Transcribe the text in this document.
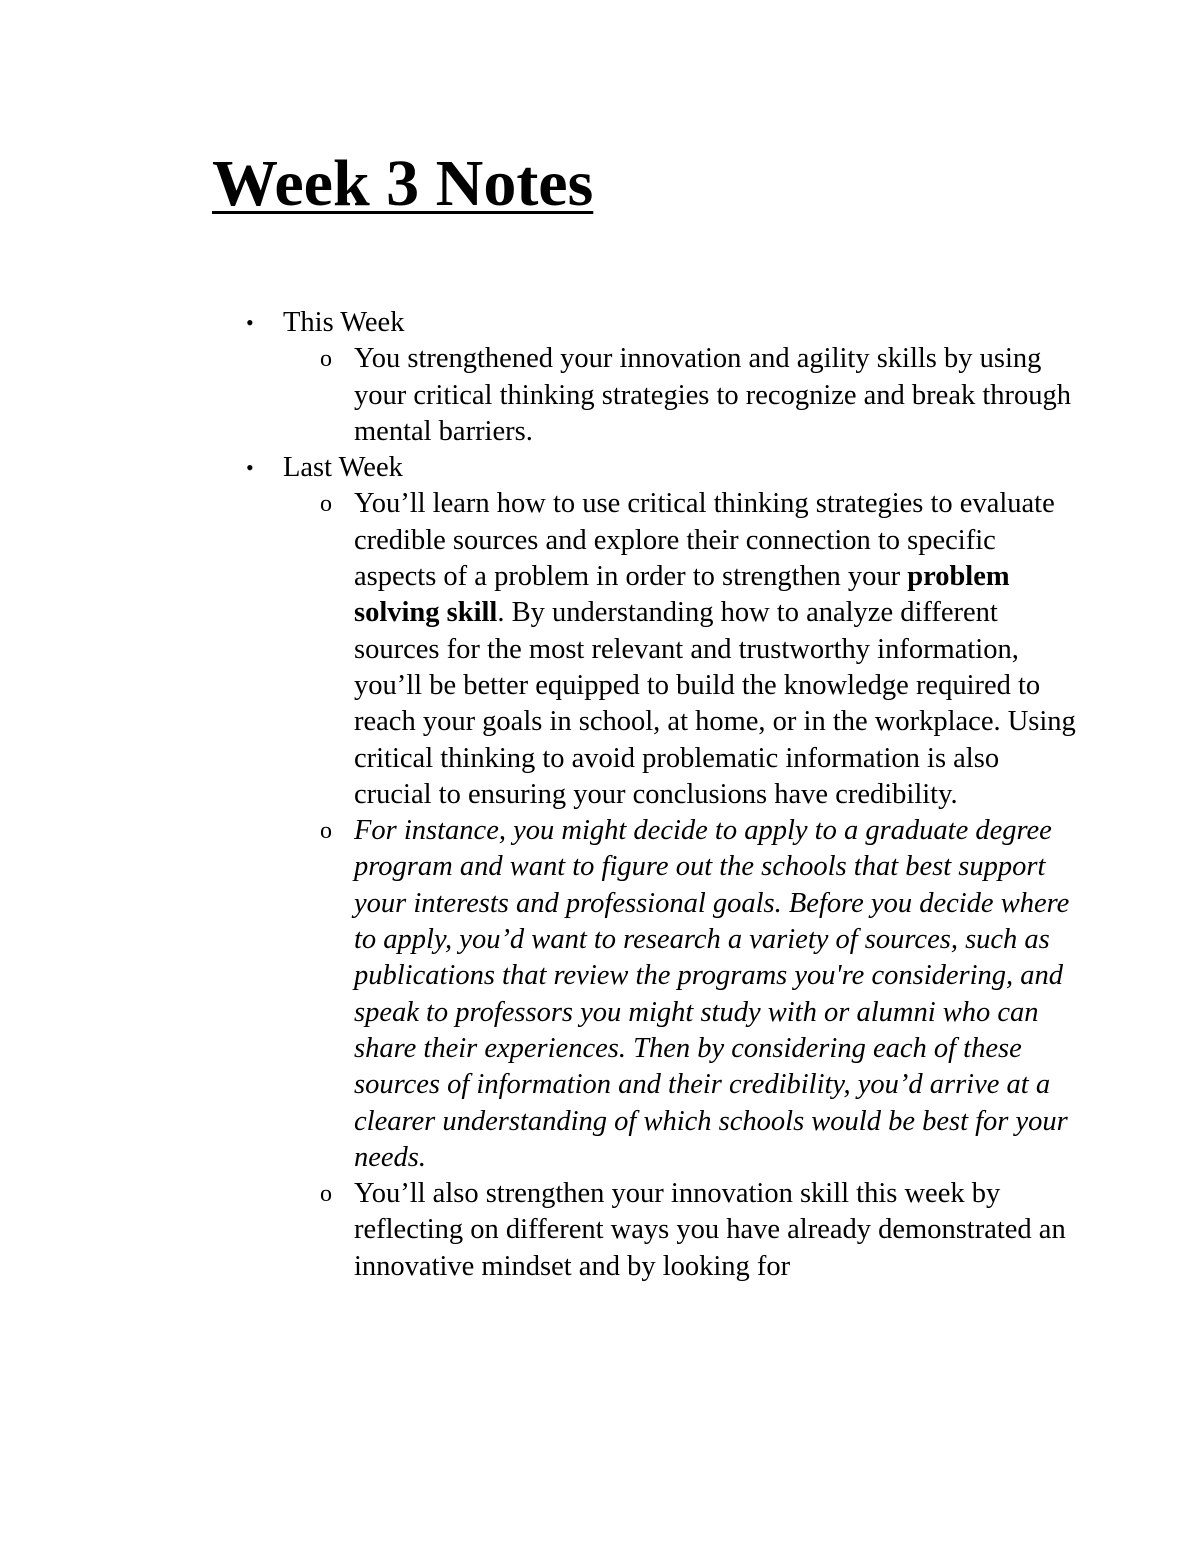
Week 3 Notes
• This Week
o You strengthened your innovation and agility skills by using your critical thinking strategies to recognize and break through mental barriers.
• Last Week
o You’ll learn how to use critical thinking strategies to evaluate credible sources and explore their connection to specific aspects of a problem in order to strengthen your problem solving skill. By understanding how to analyze different sources for the most relevant and trustworthy information, you’ll be better equipped to build the knowledge required to reach your goals in school, at home, or in the workplace. Using critical thinking to avoid problematic information is also crucial to ensuring your conclusions have credibility.
o For instance, you might decide to apply to a graduate degree program and want to figure out the schools that best support your interests and professional goals. Before you decide where to apply, you’d want to research a variety of sources, such as publications that review the programs you're considering, and speak to professors you might study with or alumni who can share their experiences. Then by considering each of these sources of information and their credibility, you’d arrive at a clearer understanding of which schools would be best for your needs.
o You’ll also strengthen your innovation skill this week by reflecting on different ways you have already demonstrated an innovative mindset and by looking for
